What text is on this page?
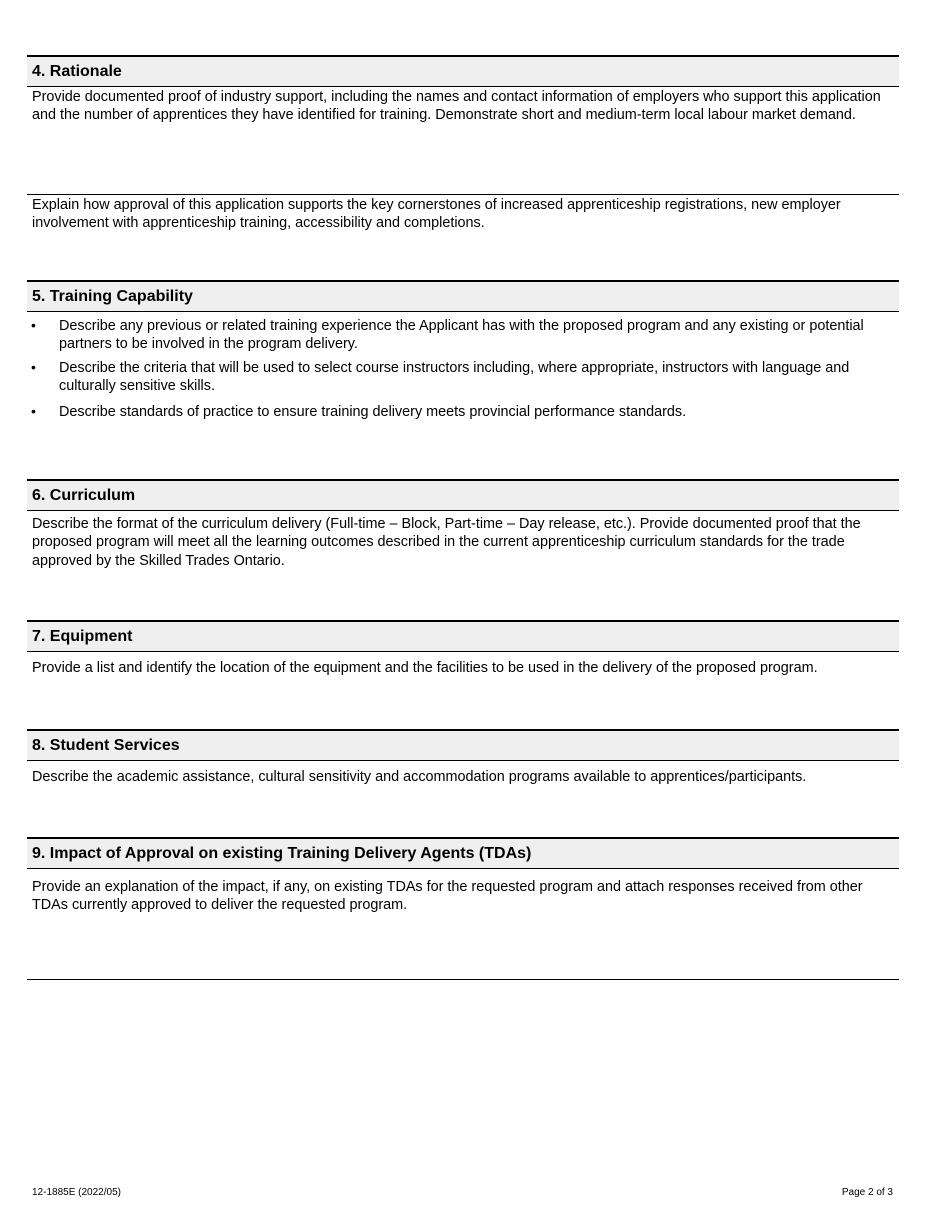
4. Rationale
Provide documented proof of industry support, including the names and contact information of employers who support this application and the number of apprentices they have identified for training. Demonstrate short and medium-term local labour market demand.
Explain how approval of this application supports the key cornerstones of increased apprenticeship registrations, new employer involvement with apprenticeship training, accessibility and completions.
5. Training Capability
• Describe any previous or related training experience the Applicant has with the proposed program and any existing or potential partners to be involved in the program delivery.
• Describe the criteria that will be used to select course instructors including, where appropriate, instructors with language and culturally sensitive skills.
• Describe standards of practice to ensure training delivery meets provincial performance standards.
6. Curriculum
Describe the format of the curriculum delivery (Full-time – Block, Part-time – Day release, etc.). Provide documented proof that the proposed program will meet all the learning outcomes described in the current apprenticeship curriculum standards for the trade approved by the Skilled Trades Ontario.
7. Equipment
Provide a list and identify the location of the equipment and the facilities to be used in the delivery of the proposed program.
8. Student Services
Describe the academic assistance, cultural sensitivity and accommodation programs available to apprentices/participants.
9. Impact of Approval on existing Training Delivery Agents (TDAs)
Provide an explanation of the impact, if any, on existing TDAs for the requested program and attach responses received from other TDAs currently approved to deliver the requested program.
12-1885E (2022/05)	Page 2 of 3
